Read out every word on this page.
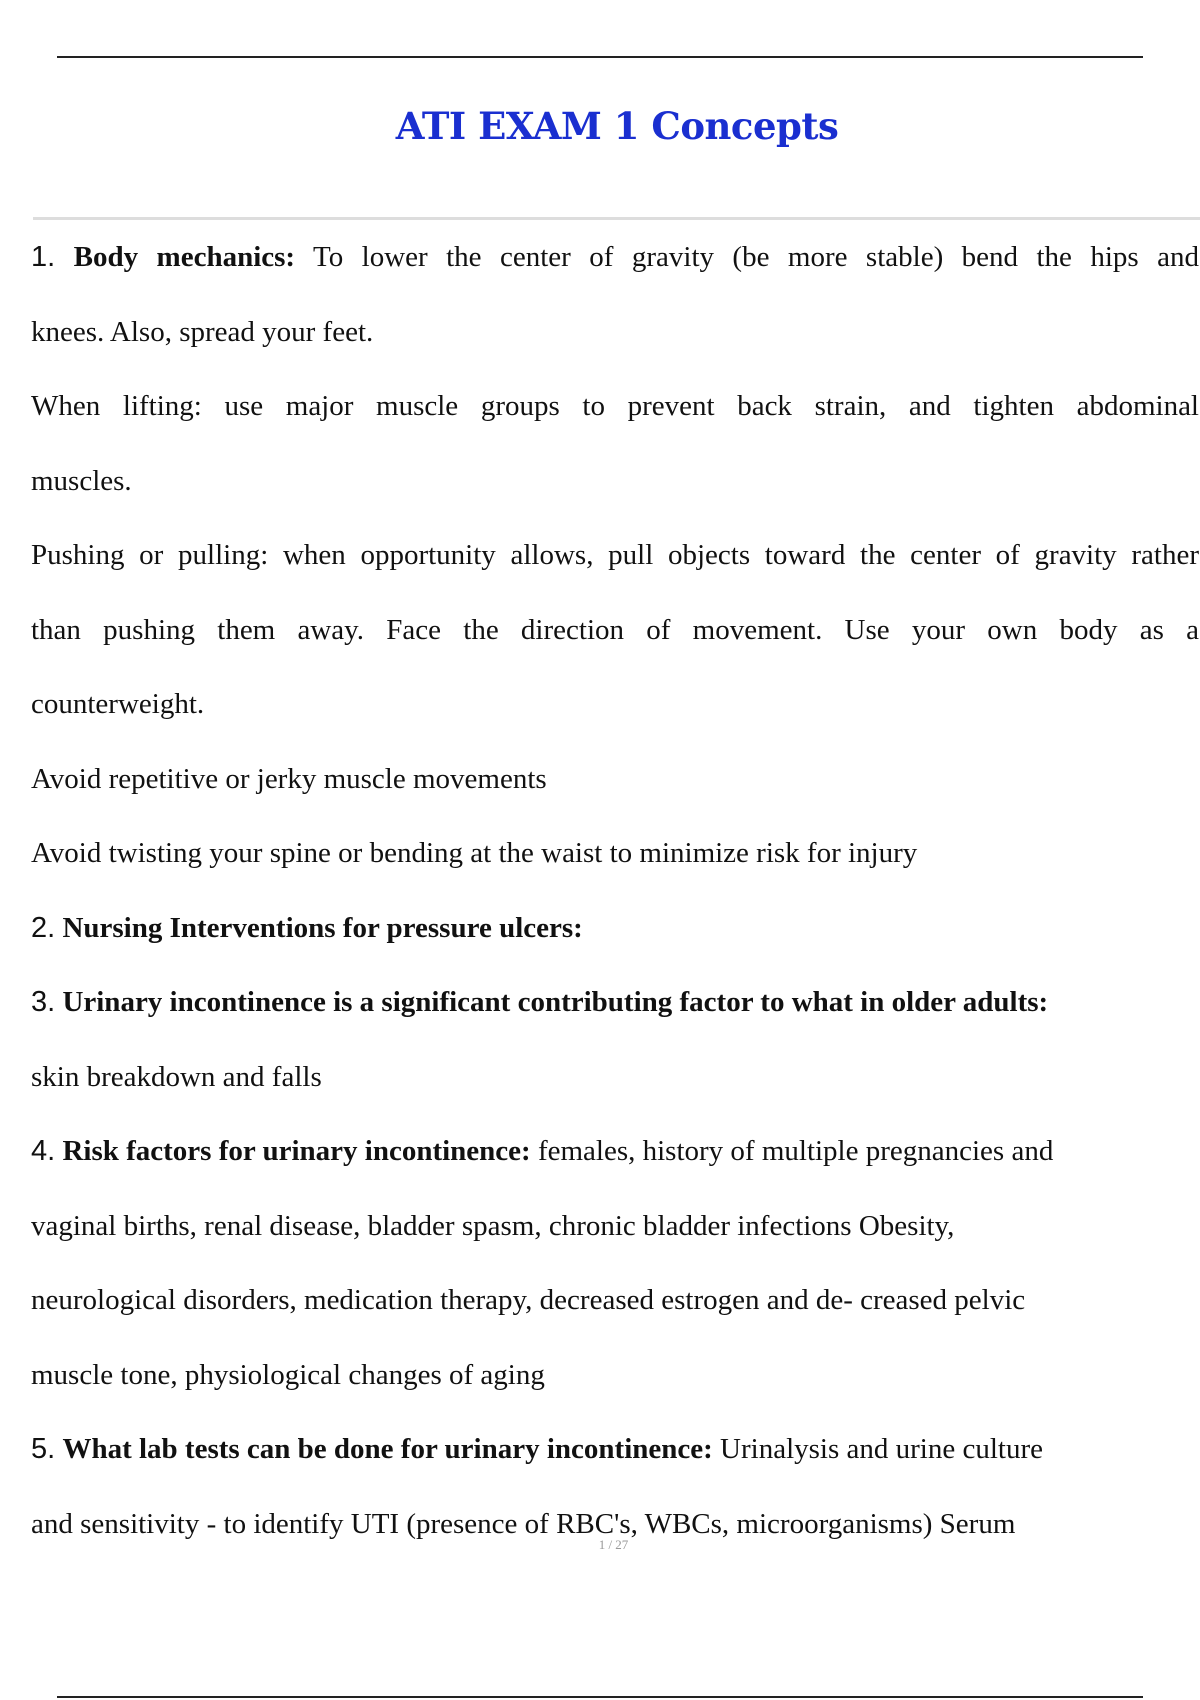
ATI EXAM 1 Concepts

1. Body mechanics: To lower the center of gravity (be more stable) bend the hips and

knees. Also, spread your feet.

When lifting: use major muscle groups to prevent back strain, and tighten abdominal

muscles.

Pushing or pulling: when opportunity allows, pull objects toward the center of gravity rather

than pushing them away. Face the direction of movement. Use your own body as a

counterweight.

Avoid repetitive or jerky muscle movements

Avoid twisting your spine or bending at the waist to minimize risk for injury

2. Nursing Interventions for pressure ulcers:

3. Urinary incontinence is a significant contributing factor to what in older adults:

skin breakdown and falls

4. Risk factors for urinary incontinence: females, history of multiple pregnancies and

vaginal births, renal disease, bladder spasm, chronic bladder infections Obesity,

neurological disorders, medication therapy, decreased estrogen and de- creased pelvic

muscle tone, physiological changes of aging

5. What lab tests can be done for urinary incontinence: Urinalysis and urine culture

and sensitivity - to identify UTI (presence of RBC's, WBCs, microorganisms) Serum

1 / 27
